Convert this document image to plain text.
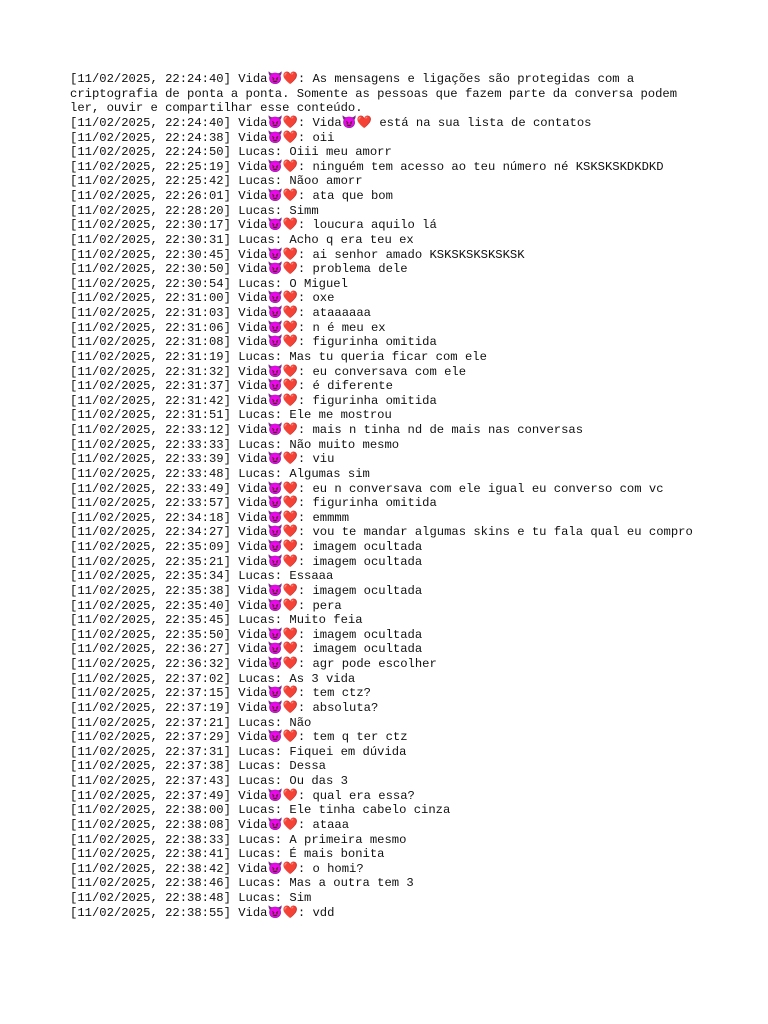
[11/02/2025, 22:24:40] Vida😈❤️: As mensagens e ligações são protegidas com a criptografia de ponta a ponta. Somente as pessoas que fazem parte da conversa podem ler, ouvir e compartilhar esse conteúdo.
[11/02/2025, 22:24:40] Vida😈❤️: Vida😈❤️ está na sua lista de contatos
[11/02/2025, 22:24:38] Vida😈❤️: oii
[11/02/2025, 22:24:50] Lucas: Oiii meu amorr
[11/02/2025, 22:25:19] Vida😈❤️: ninguém tem acesso ao teu número né KSKSKSKDKDKD
[11/02/2025, 22:25:42] Lucas: Nãoo amorr
[11/02/2025, 22:26:01] Vida😈❤️: ata que bom
[11/02/2025, 22:28:20] Lucas: Simm
[11/02/2025, 22:30:17] Vida😈❤️: loucura aquilo lá
[11/02/2025, 22:30:31] Lucas: Acho q era teu ex
[11/02/2025, 22:30:45] Vida😈❤️: ai senhor amado KSKSKSKSKSKSK
[11/02/2025, 22:30:50] Vida😈❤️: problema dele
[11/02/2025, 22:30:54] Lucas: O Miguel
[11/02/2025, 22:31:00] Vida😈❤️: oxe
[11/02/2025, 22:31:03] Vida😈❤️: ataaaaaa
[11/02/2025, 22:31:06] Vida😈❤️: n é meu ex
[11/02/2025, 22:31:08] Vida😈❤️: figurinha omitida
[11/02/2025, 22:31:19] Lucas: Mas tu queria ficar com ele
[11/02/2025, 22:31:32] Vida😈❤️: eu conversava com ele
[11/02/2025, 22:31:37] Vida😈❤️: é diferente
[11/02/2025, 22:31:42] Vida😈❤️: figurinha omitida
[11/02/2025, 22:31:51] Lucas: Ele me mostrou
[11/02/2025, 22:33:12] Vida😈❤️: mais n tinha nd de mais nas conversas
[11/02/2025, 22:33:33] Lucas: Não muito mesmo
[11/02/2025, 22:33:39] Vida😈❤️: viu
[11/02/2025, 22:33:48] Lucas: Algumas sim
[11/02/2025, 22:33:49] Vida😈❤️: eu n conversava com ele igual eu converso com vc
[11/02/2025, 22:33:57] Vida😈❤️: figurinha omitida
[11/02/2025, 22:34:18] Vida😈❤️: emmmm
[11/02/2025, 22:34:27] Vida😈❤️: vou te mandar algumas skins e tu fala qual eu compro
[11/02/2025, 22:35:09] Vida😈❤️: imagem ocultada
[11/02/2025, 22:35:21] Vida😈❤️: imagem ocultada
[11/02/2025, 22:35:34] Lucas: Essaaa
[11/02/2025, 22:35:38] Vida😈❤️: imagem ocultada
[11/02/2025, 22:35:40] Vida😈❤️: pera
[11/02/2025, 22:35:45] Lucas: Muito feia
[11/02/2025, 22:35:50] Vida😈❤️: imagem ocultada
[11/02/2025, 22:36:27] Vida😈❤️: imagem ocultada
[11/02/2025, 22:36:32] Vida😈❤️: agr pode escolher
[11/02/2025, 22:37:02] Lucas: As 3 vida
[11/02/2025, 22:37:15] Vida😈❤️: tem ctz?
[11/02/2025, 22:37:19] Vida😈❤️: absoluta?
[11/02/2025, 22:37:21] Lucas: Não
[11/02/2025, 22:37:29] Vida😈❤️: tem q ter ctz
[11/02/2025, 22:37:31] Lucas: Fiquei em dúvida
[11/02/2025, 22:37:38] Lucas: Dessa
[11/02/2025, 22:37:43] Lucas: Ou das 3
[11/02/2025, 22:37:49] Vida😈❤️: qual era essa?
[11/02/2025, 22:38:00] Lucas: Ele tinha cabelo cinza
[11/02/2025, 22:38:08] Vida😈❤️: ataaa
[11/02/2025, 22:38:33] Lucas: A primeira mesmo
[11/02/2025, 22:38:41] Lucas: É mais bonita
[11/02/2025, 22:38:42] Vida😈❤️: o homi?
[11/02/2025, 22:38:46] Lucas: Mas a outra tem 3
[11/02/2025, 22:38:48] Lucas: Sim
[11/02/2025, 22:38:55] Vida😈❤️: vdd
